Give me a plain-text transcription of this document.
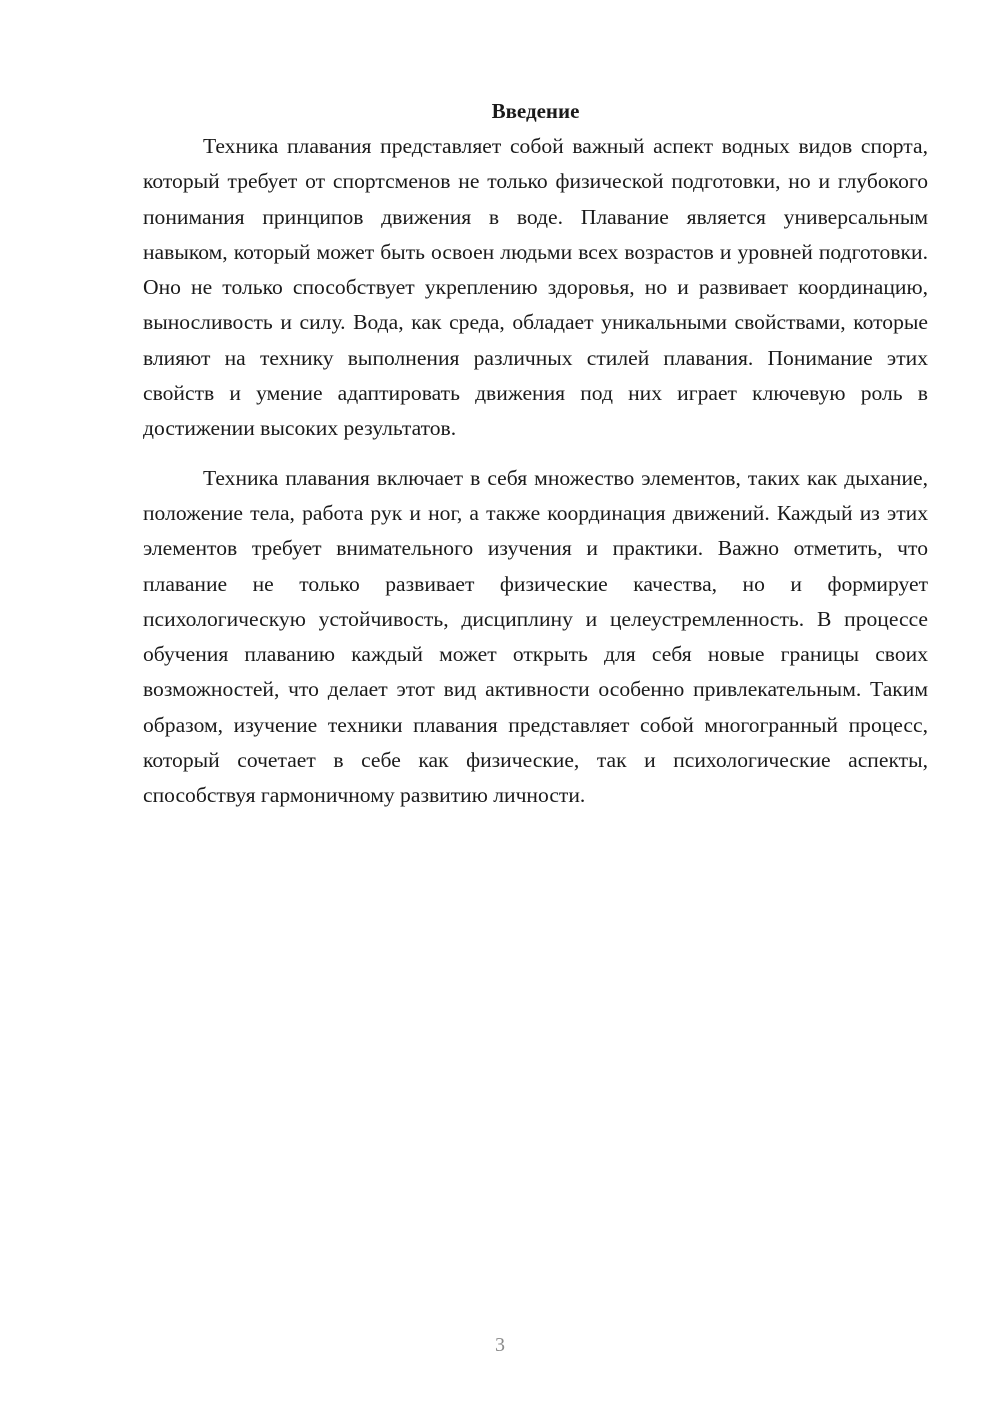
Введение

Техника плавания представляет собой важный аспект водных видов спорта, который требует от спортсменов не только физической подготовки, но и глубокого понимания принципов движения в воде. Плавание является универсальным навыком, который может быть освоен людьми всех возрастов и уровней подготовки. Оно не только способствует укреплению здоровья, но и развивает координацию, выносливость и силу. Вода, как среда, обладает уникальными свойствами, которые влияют на технику выполнения различных стилей плавания. Понимание этих свойств и умение адаптировать движения под них играет ключевую роль в достижении высоких результатов.

Техника плавания включает в себя множество элементов, таких как дыхание, положение тела, работа рук и ног, а также координация движений. Каждый из этих элементов требует внимательного изучения и практики. Важно отметить, что плавание не только развивает физические качества, но и формирует психологическую устойчивость, дисциплину и целеустремленность. В процессе обучения плаванию каждый может открыть для себя новые границы своих возможностей, что делает этот вид активности особенно привлекательным. Таким образом, изучение техники плавания представляет собой многогранный процесс, который сочетает в себе как физические, так и психологические аспекты, способствуя гармоничному развитию личности.

3
